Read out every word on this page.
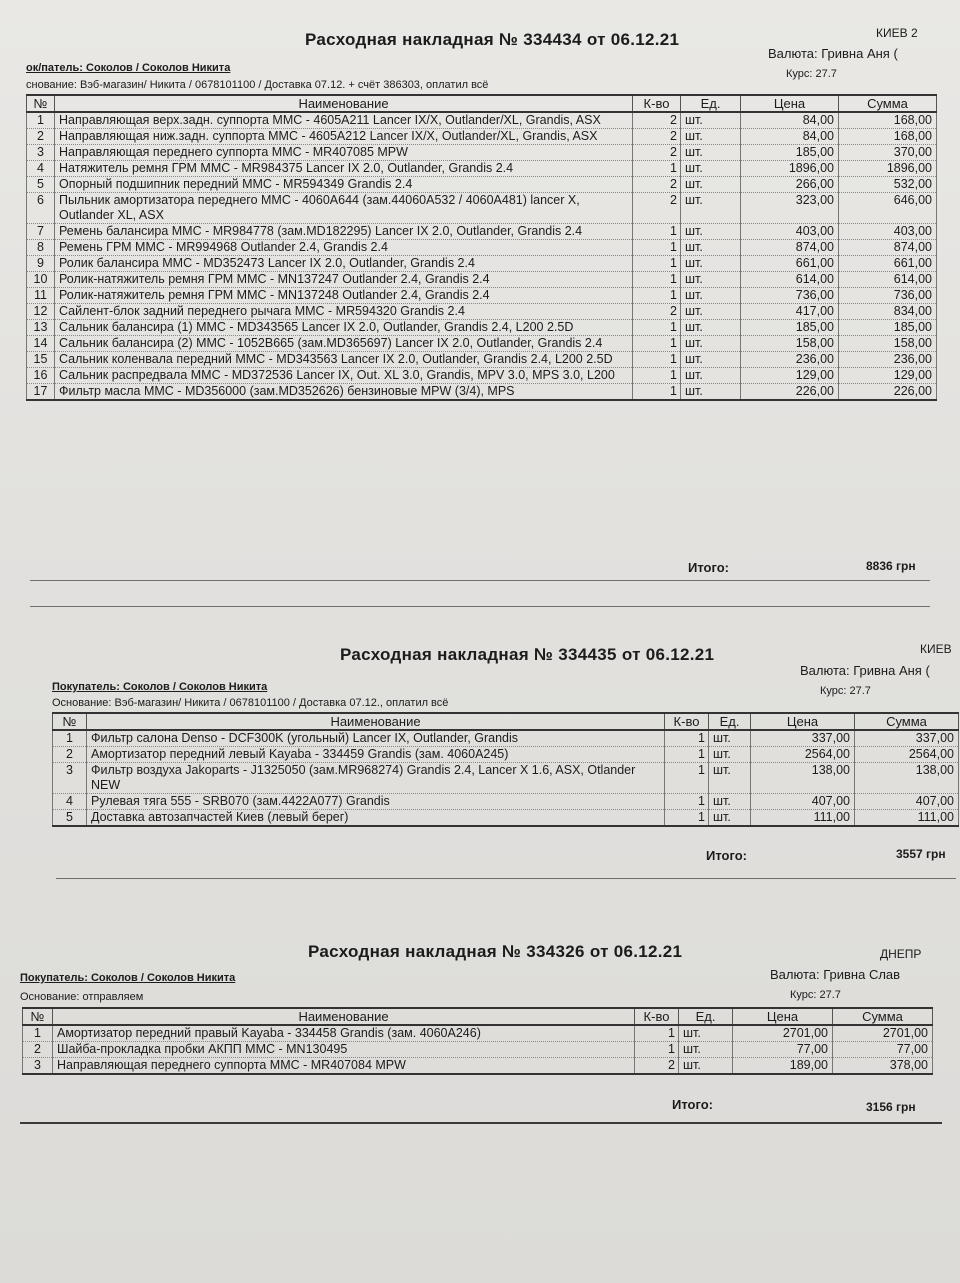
Расходная накладная № 334434 от 06.12.21	КИЕВ 2
Валюта: Гривна Аня (
ок/патель: Соколов / Соколов Никита	Курс: 27.7
снование: Вэб-магазин/ Никита / 0678101100 / Доставка 07.12. + счёт 386303, оплатил всё
№	Наименование	К-во	Ед.	Цена	Сумма
1	Направляющая верх.задн. суппорта MMC - 4605A211 Lancer IX/X, Outlander/XL, Grandis, ASX	2	шт.	84,00	168,00
2	Направляющая ниж.задн. суппорта MMC - 4605A212 Lancer IX/X, Outlander/XL, Grandis, ASX	2	шт.	84,00	168,00
3	Направляющая переднего суппорта MMC - MR407085 MPW	2	шт.	185,00	370,00
4	Натяжитель ремня ГРМ MMC - MR984375 Lancer IX 2.0, Outlander, Grandis 2.4	1	шт.	1896,00	1896,00
5	Опорный подшипник передний MMC - MR594349 Grandis 2.4	2	шт.	266,00	532,00
6	Пыльник амортизатора переднего MMC - 4060A644 (зам.44060A532 / 4060A481) lancer X, Outlander XL, ASX	2	шт.	323,00	646,00
7	Ремень балансира MMC - MR984778 (зам.MD182295) Lancer IX 2.0, Outlander, Grandis 2.4	1	шт.	403,00	403,00
8	Ремень ГРМ MMC - MR994968 Outlander 2.4, Grandis 2.4	1	шт.	874,00	874,00
9	Ролик балансира MMC - MD352473 Lancer IX 2.0, Outlander, Grandis 2.4	1	шт.	661,00	661,00
10	Ролик-натяжитель ремня ГРМ MMC - MN137247 Outlander 2.4, Grandis 2.4	1	шт.	614,00	614,00
11	Ролик-натяжитель ремня ГРМ MMC - MN137248 Outlander 2.4, Grandis 2.4	1	шт.	736,00	736,00
12	Сайлент-блок задний переднего рычага MMC - MR594320 Grandis 2.4	2	шт.	417,00	834,00
13	Сальник балансира (1) MMC - MD343565 Lancer IX 2.0, Outlander, Grandis 2.4, L200 2.5D	1	шт.	185,00	185,00
14	Сальник балансира (2) MMC - 1052B665 (зам.MD365697) Lancer IX 2.0, Outlander, Grandis 2.4	1	шт.	158,00	158,00
15	Сальник коленвала передний MMC - MD343563 Lancer IX 2.0, Outlander, Grandis 2.4, L200 2.5D	1	шт.	236,00	236,00
16	Сальник распредвала MMC - MD372536 Lancer IX, Out. XL 3.0, Grandis, MPV 3.0, MPS 3.0, L200	1	шт.	129,00	129,00
17	Фильтр масла MMC - MD356000 (зам.MD352626) бензиновые MPW (3/4), MPS	1	шт.	226,00	226,00
Итого:	8836 грн
Расходная накладная № 334435 от 06.12.21	КИЕВ
Валюта: Гривна Аня (
Покупатель: Соколов / Соколов Никита	Курс: 27.7
Основание: Вэб-магазин/ Никита / 0678101100 / Доставка 07.12., оплатил всё
№	Наименование	К-во	Ед.	Цена	Сумма
1	Фильтр салона Denso - DCF300K (угольный) Lancer IX, Outlander, Grandis	1	шт.	337,00	337,00
2	Амортизатор передний левый Kayaba - 334459 Grandis (зам. 4060A245)	1	шт.	2564,00	2564,00
3	Фильтр воздуха Jakoparts - J1325050 (зам.MR968274) Grandis 2.4, Lancer X 1.6, ASX, Otlander NEW	1	шт.	138,00	138,00
4	Рулевая тяга 555 - SRB070 (зам.4422A077) Grandis	1	шт.	407,00	407,00
5	Доставка автозапчастей Киев (левый берег)	1	шт.	111,00	111,00
Итого:	3557 грн
Расходная накладная № 334326 от 06.12.21	ДНЕПР
Валюта: Гривна Слав
Покупатель: Соколов / Соколов Никита
Курс: 27.7
Основание: отправляем
№	Наименование	К-во	Ед.	Цена	Сумма
1	Амортизатор передний правый Kayaba - 334458 Grandis (зам. 4060A246)	1	шт.	2701,00	2701,00
2	Шайба-прокладка пробки АКПП MMC - MN130495	1	шт.	77,00	77,00
3	Направляющая переднего суппорта MMC - MR407084 MPW	2	шт.	189,00	378,00
Итого:	3156 грн
